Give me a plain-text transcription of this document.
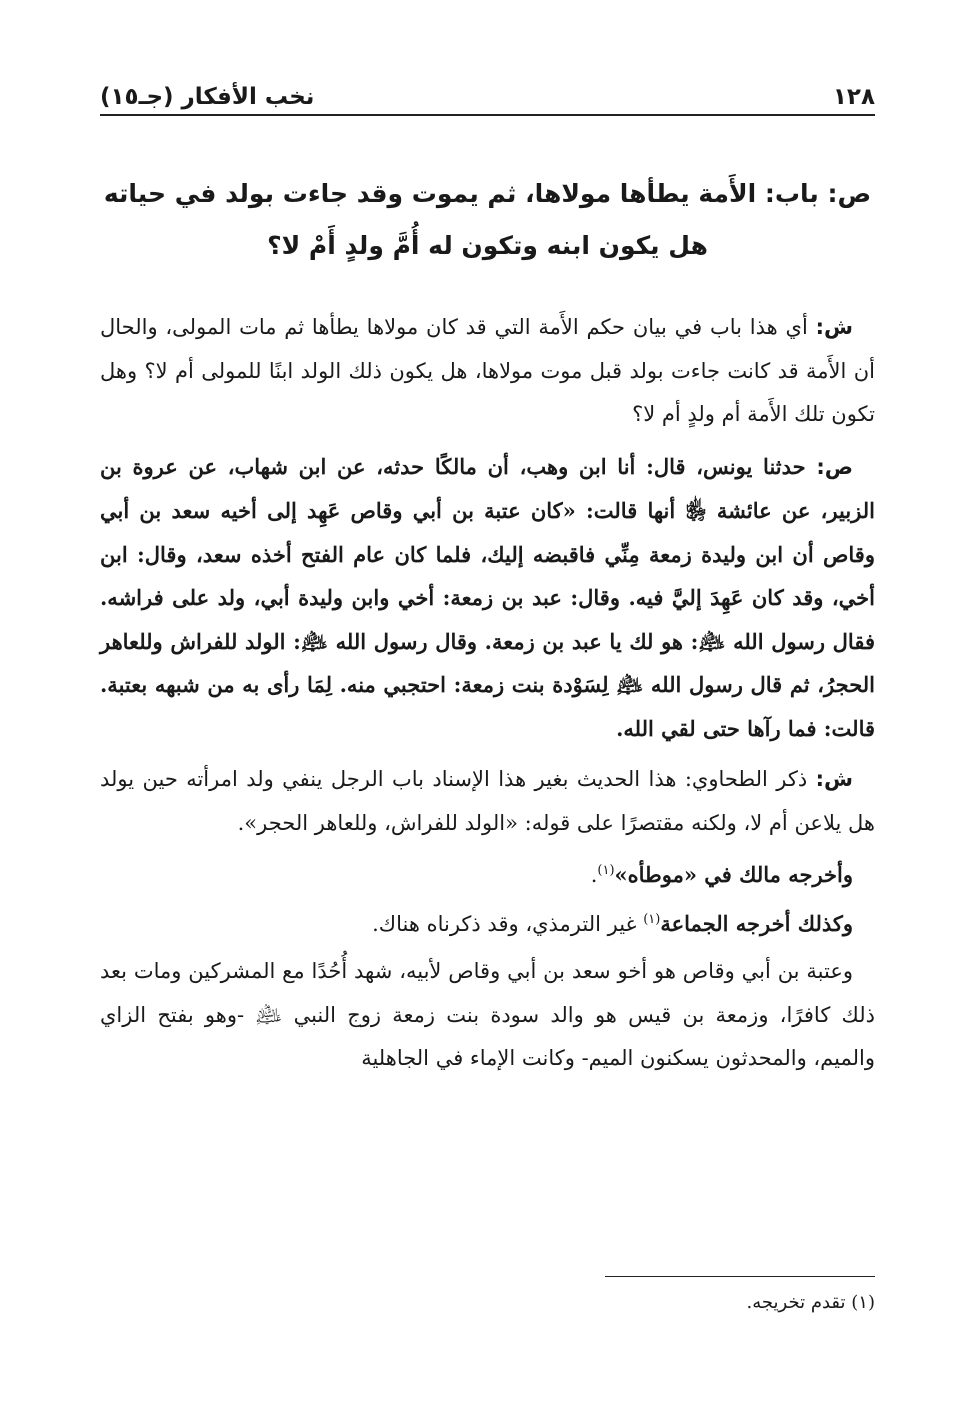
١٢٨
نخب الأفكار (جـ١٥)
ص: باب: الأَمة يطأها مولاها، ثم يموت وقد جاءت بولد في حياته
هل يكون ابنه وتكون له أُمَّ ولدٍ أَمْ لا؟

ش: أي هذا باب في بيان حكم الأَمة التي قد كان مولاها يطأها ثم مات المولى، والحال أن الأَمة قد كانت جاءت بولد قبل موت مولاها، هل يكون ذلك الولد ابنًا للمولى أم لا؟ وهل تكون تلك الأَمة أم ولدٍ أم لا؟

ص: حدثنا يونس، قال: أنا ابن وهب، أن مالكًا حدثه، عن ابن شهاب، عن عروة بن الزبير، عن عائشة ﵂ أنها قالت: «كان عتبة بن أبي وقاص عَهِد إلى أخيه سعد بن أبي وقاص أن ابن وليدة زمعة مِنِّي فاقبضه إليك، فلما كان عام الفتح أخذه سعد، وقال: ابن أخي، وقد كان عَهِدَ إليَّ فيه. وقال: عبد بن زمعة: أخي وابن وليدة أبي، ولد على فراشه. فقال رسول الله ﵇: هو لك يا عبد بن زمعة. وقال رسول الله ﵇: الولد للفراش وللعاهر الحجرُ، ثم قال رسول الله ﵇ لِسَوْدة بنت زمعة: احتجبي منه. لِمَا رأى به من شبهه بعتبة. قالت: فما رآها حتى لقي الله.

ش: ذكر الطحاوي: هذا الحديث بغير هذا الإسناد باب الرجل ينفي ولد امرأته حين يولد هل يلاعن أم لا، ولكنه مقتصرًا على قوله: «الولد للفراش، وللعاهر الحجر».

وأخرجه مالك في «موطأه»$^{(١)}$.

وكذلك أخرجه الجماعة$^{(١)}$ غير الترمذي، وقد ذكرناه هناك.

وعتبة بن أبي وقاص هو أخو سعد بن أبي وقاص لأبيه، شهد أُحُدًا مع المشركين ومات بعد ذلك كافرًا، وزمعة بن قيس هو والد سودة بنت زمعة زوج النبي ﵇ -وهو بفتح الزاي والميم، والمحدثون يسكنون الميم- وكانت الإماء في الجاهلية

(١) تقدم تخريجه.
